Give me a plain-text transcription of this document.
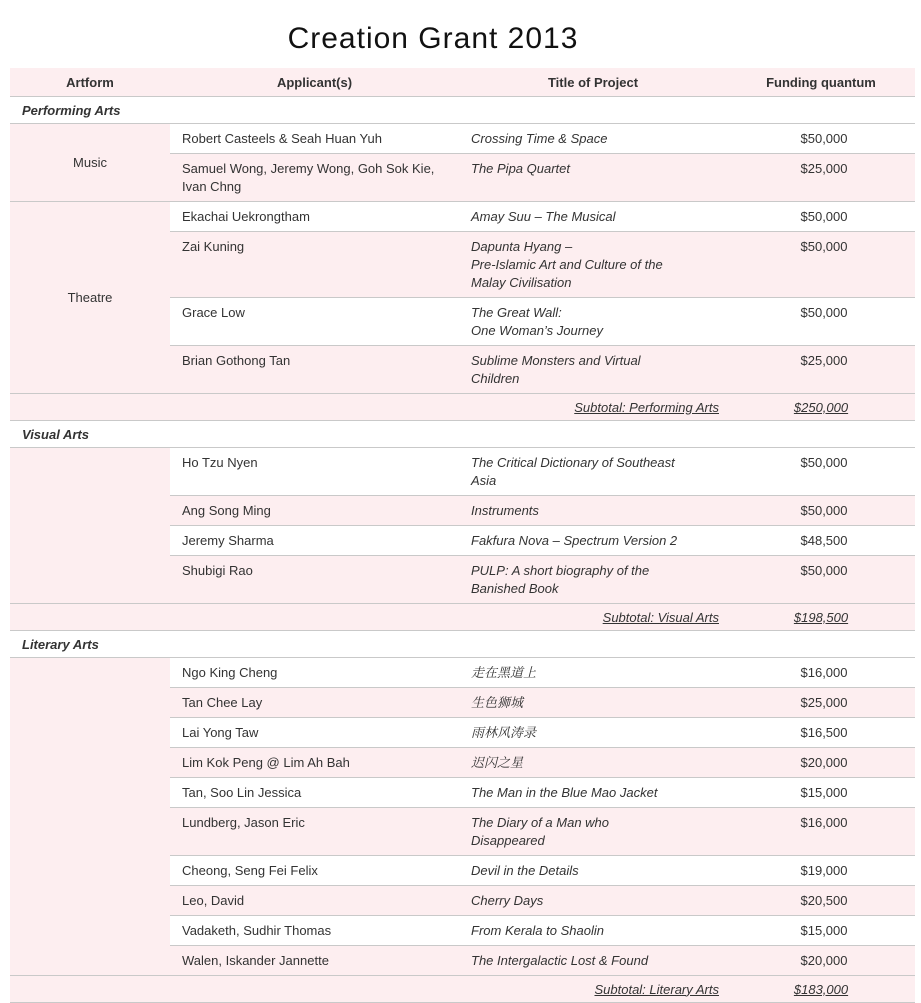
Creation Grant 2013
Artform	Applicant(s)	Title of Project	Funding quantum
Performing Arts			
Music	Robert Casteels & Seah Huan Yuh	Crossing Time & Space	$50,000
	Samuel Wong, Jeremy Wong, Goh Sok Kie,
Ivan Chng	The Pipa Quartet	$25,000
Theatre	Ekachai Uekrongtham	Amay Suu – The Musical	$50,000
	Zai Kuning	Dapunta Hyang –
Pre-Islamic Art and Culture of the
Malay Civilisation	$50,000
	Grace Low	The Great Wall:
One Woman’s Journey	$50,000
	Brian Gothong Tan	Sublime Monsters and Virtual
Children	$25,000
		Subtotal: Performing Arts	$250,000
Visual Arts			
	Ho Tzu Nyen	The Critical Dictionary of Southeast
Asia	$50,000
	Ang Song Ming	Instruments	$50,000
	Jeremy Sharma	Fakfura Nova – Spectrum Version 2	$48,500
	Shubigi Rao	PULP: A short biography of the
Banished Book	$50,000
		Subtotal: Visual Arts	$198,500
Literary Arts			
	Ngo King Cheng	走在黑道上	$16,000
	Tan Chee Lay	生色狮城	$25,000
	Lai Yong Taw	雨林风涛录	$16,500
	Lim Kok Peng @ Lim Ah Bah	迟闪之星	$20,000
	Tan, Soo Lin Jessica	The Man in the Blue Mao Jacket	$15,000
	Lundberg, Jason Eric	The Diary of a Man who
Disappeared	$16,000
	Cheong, Seng Fei Felix	Devil in the Details	$19,000
	Leo, David	Cherry Days	$20,500
	Vadaketh, Sudhir Thomas	From Kerala to Shaolin	$15,000
	Walen, Iskander Jannette	The Intergalactic Lost & Found	$20,000
		Subtotal: Literary Arts	$183,000
